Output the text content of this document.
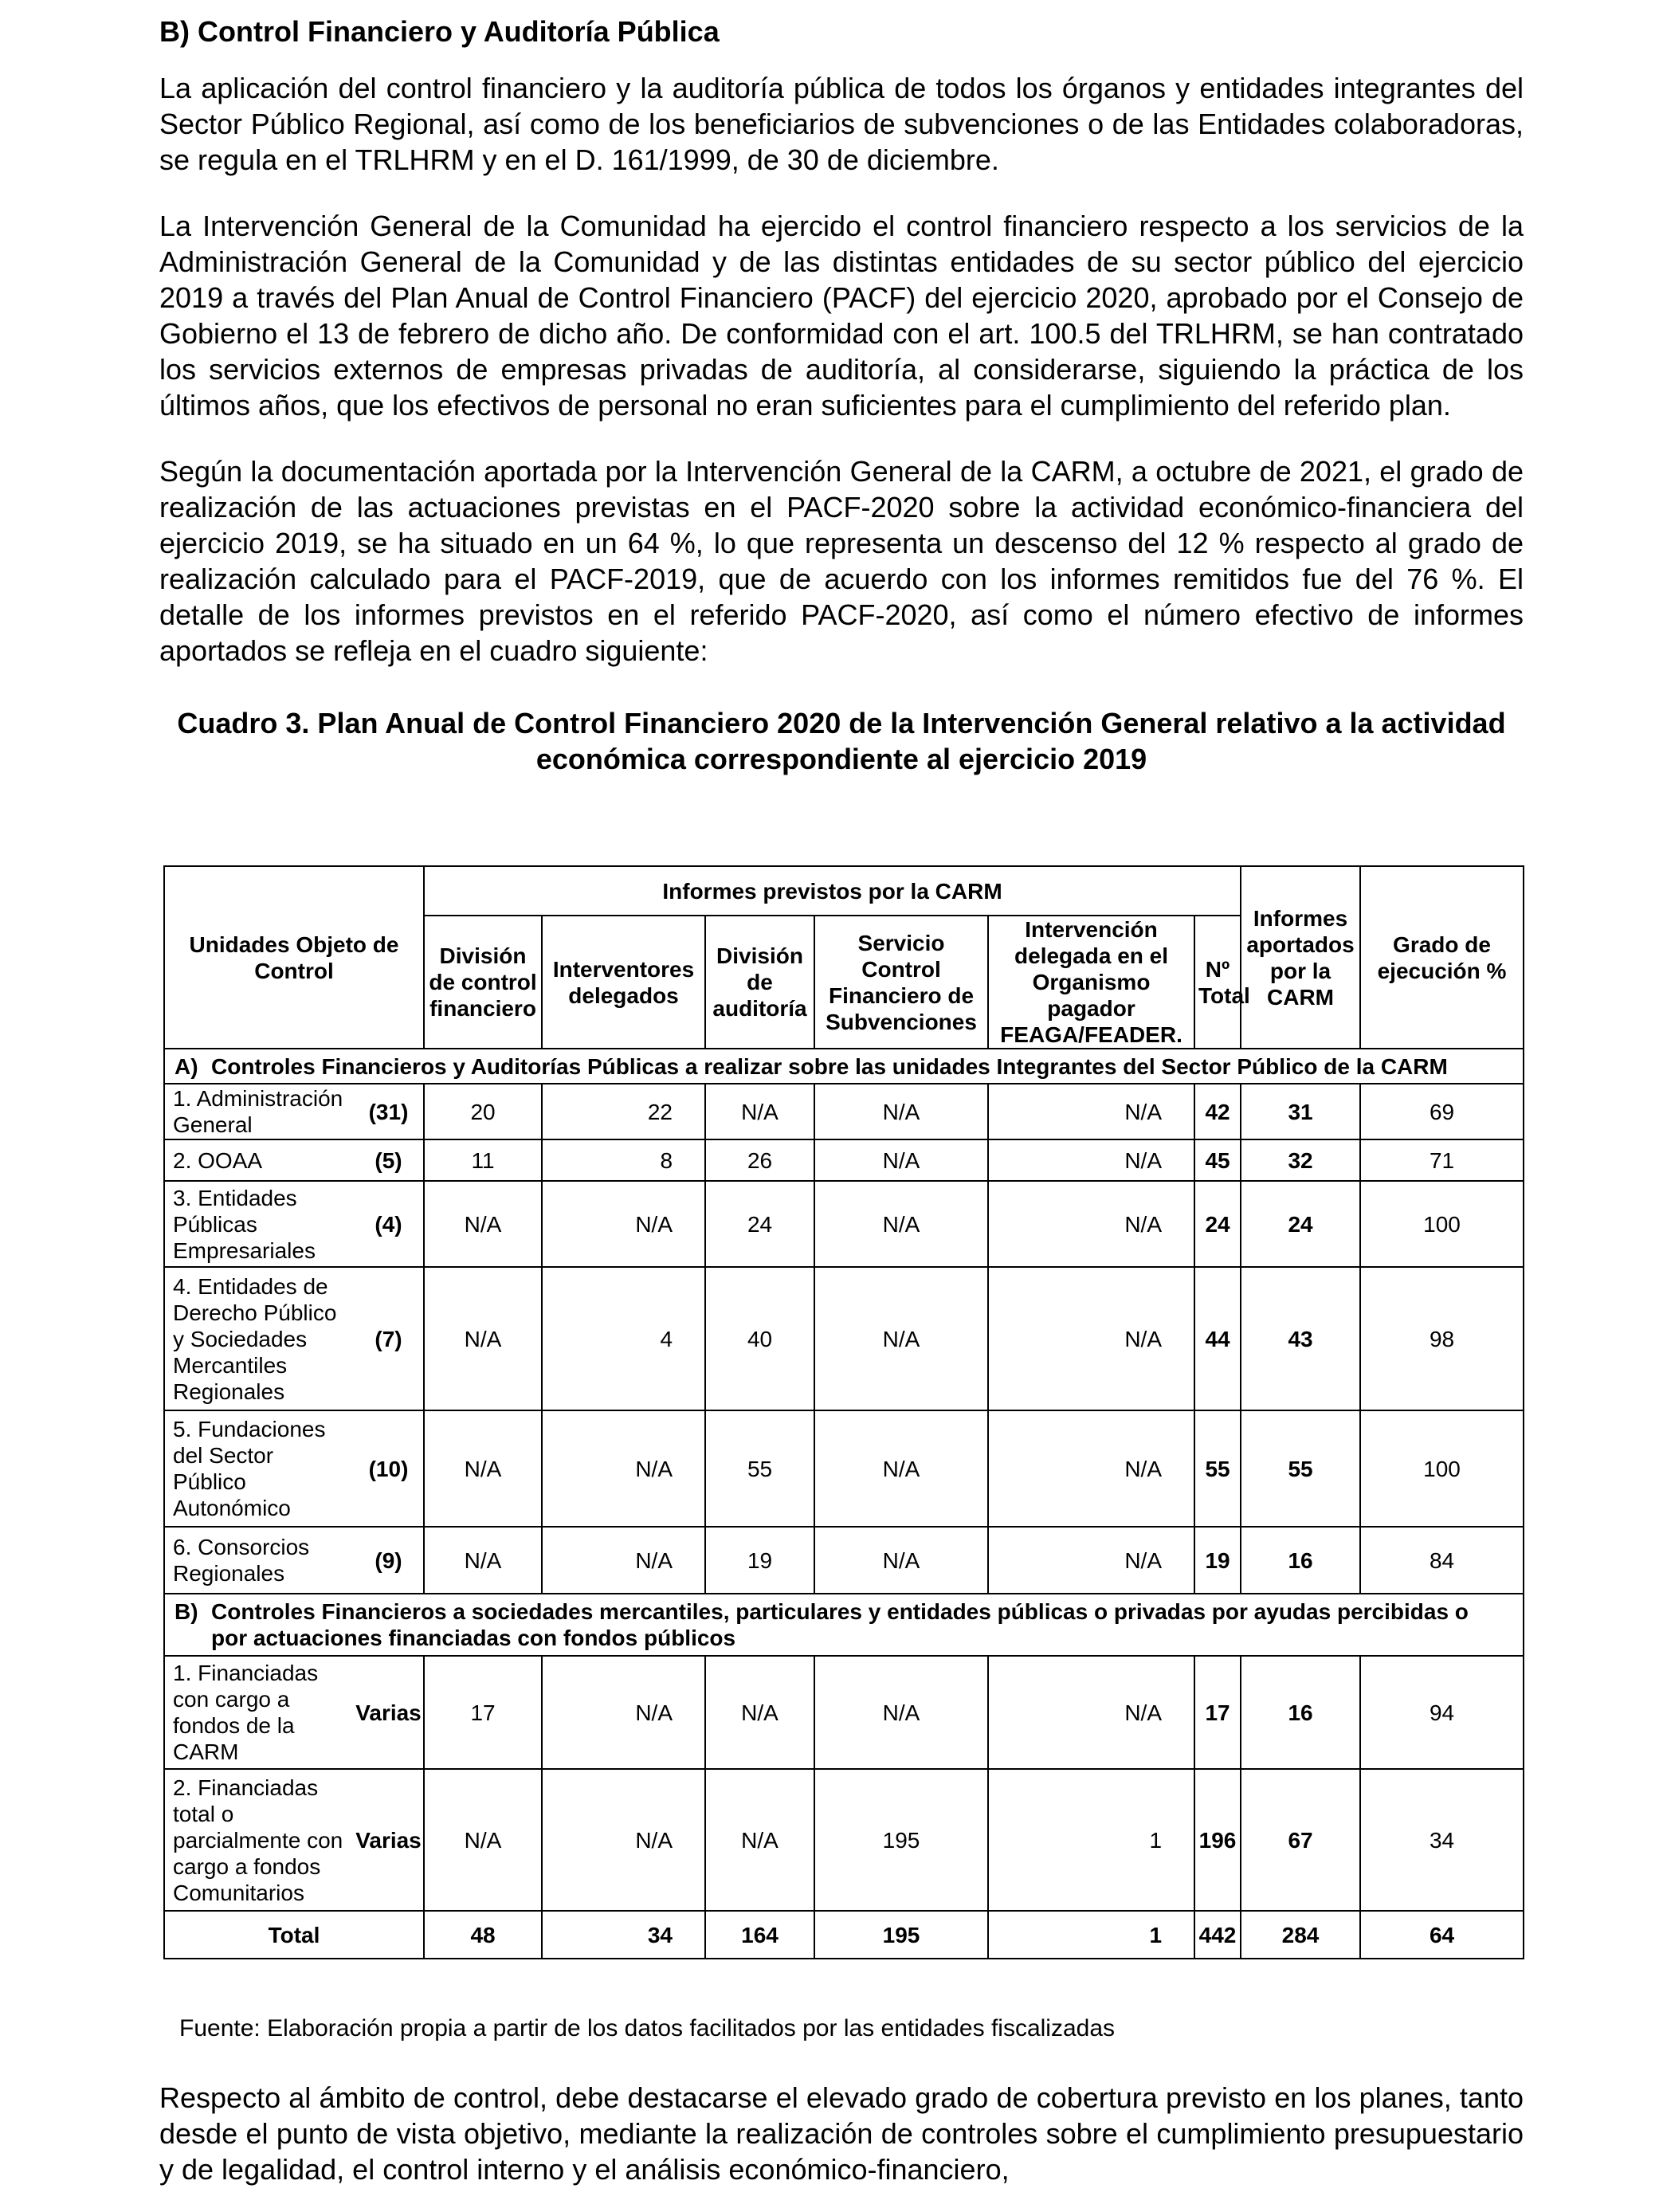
B) Control Financiero y Auditoría Pública
La aplicación del control financiero y la auditoría pública de todos los órganos y entidades integrantes del Sector Público Regional, así como de los beneficiarios de subvenciones o de las Entidades colaboradoras, se regula en el TRLHRM y en el D. 161/1999, de 30 de diciembre.
La Intervención General de la Comunidad ha ejercido el control financiero respecto a los servicios de la Administración General de la Comunidad y de las distintas entidades de su sector público del ejercicio 2019 a través del Plan Anual de Control Financiero (PACF) del ejercicio 2020, aprobado por el Consejo de Gobierno el 13 de febrero de dicho año. De conformidad con el art. 100.5 del TRLHRM, se han contratado los servicios externos de empresas privadas de auditoría, al considerarse, siguiendo la práctica de los últimos años, que los efectivos de personal no eran suficientes para el cumplimiento del referido plan.
Según la documentación aportada por la Intervención General de la CARM, a octubre de 2021, el grado de realización de las actuaciones previstas en el PACF-2020 sobre la actividad económico-financiera del ejercicio 2019, se ha situado en un 64 %, lo que representa un descenso del 12 % respecto al grado de realización calculado para el PACF-2019, que de acuerdo con los informes remitidos fue del 76 %. El detalle de los informes previstos en el referido PACF-2020, así como el número efectivo de informes aportados se refleja en el cuadro siguiente:
Cuadro 3. Plan Anual de Control Financiero 2020 de la Intervención General relativo a la actividad económica correspondiente al ejercicio 2019
Unidades Objeto de Control		Informes previstos por la CARM						Informes aportados por la CARM	Grado de ejecución %
		División de control financiero	Interventores delegados	División de auditoría	Servicio Control Financiero de Subvenciones	Intervención delegada en el Organismo pagador FEAGA/FEADER.	Nº Total		
A) Controles Financieros y Auditorías Públicas a realizar sobre las unidades Integrantes del Sector Público de la CARM									
1. Administración General	(31)	20	22	N/A	N/A	N/A	42	31	69
2. OOAA	(5)	11	8	26	N/A	N/A	45	32	71
3. Entidades Públicas Empresariales	(4)	N/A	N/A	24	N/A	N/A	24	24	100
4. Entidades de Derecho Público y Sociedades Mercantiles Regionales	(7)	N/A	4	40	N/A	N/A	44	43	98
5. Fundaciones del Sector Público Autonómico	(10)	N/A	N/A	55	N/A	N/A	55	55	100
6. Consorcios Regionales	(9)	N/A	N/A	19	N/A	N/A	19	16	84
B) Controles Financieros a sociedades mercantiles, particulares y entidades públicas o privadas por ayudas percibidas o por actuaciones financiadas con fondos públicos									
1. Financiadas con cargo a fondos de la CARM	Varias	17	N/A	N/A	N/A	N/A	17	16	94
2. Financiadas total o parcialmente con cargo a fondos Comunitarios	Varias	N/A	N/A	N/A	195	1	196	67	34
Total		48	34	164	195	1	442	284	64
Fuente: Elaboración propia a partir de los datos facilitados por las entidades fiscalizadas
Respecto al ámbito de control, debe destacarse el elevado grado de cobertura previsto en los planes, tanto desde el punto de vista objetivo, mediante la realización de controles sobre el cumplimiento presupuestario y de legalidad, el control interno y el análisis económico-financiero,
